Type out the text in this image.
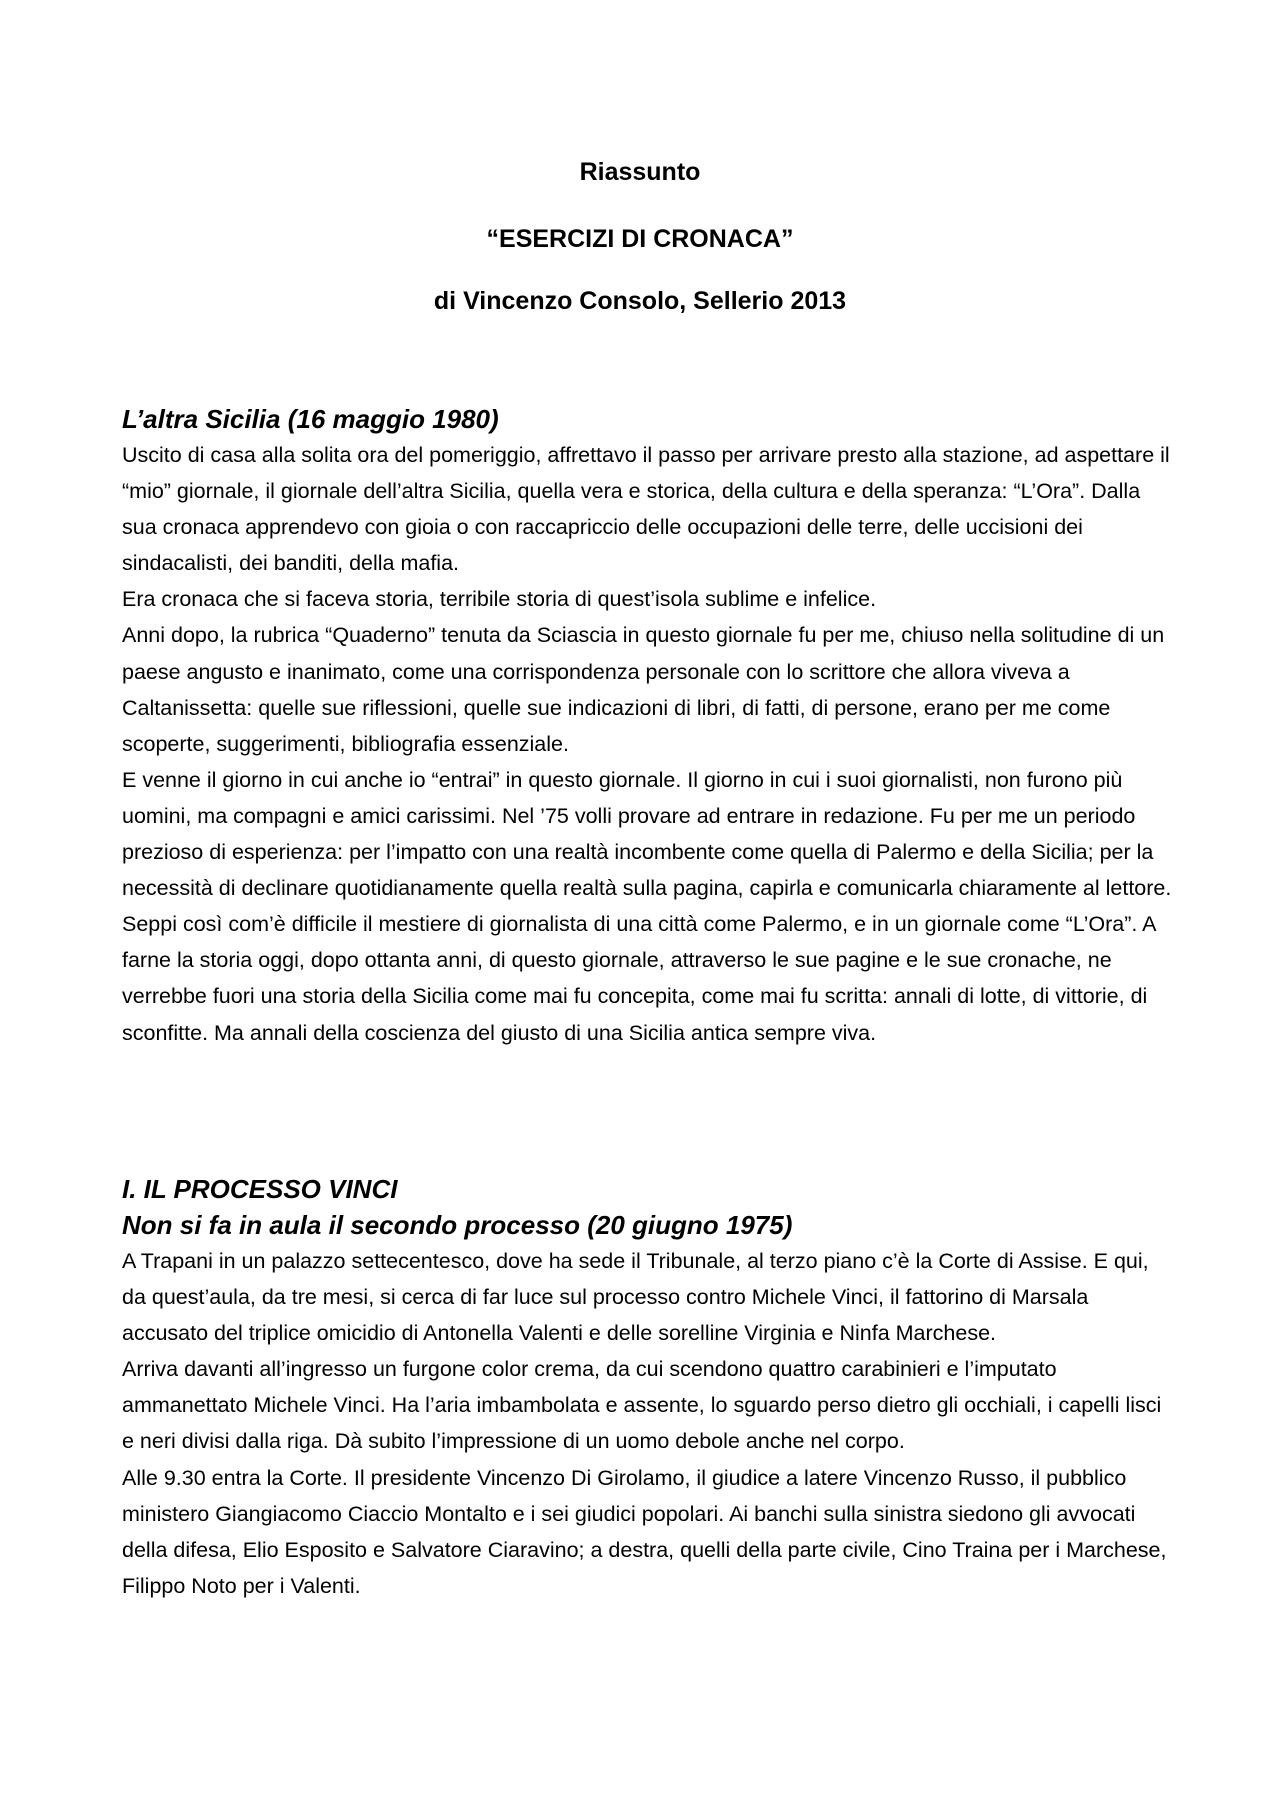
Riassunto
“ESERCIZI DI CRONACA”
di Vincenzo Consolo, Sellerio 2013
L’altra Sicilia (16 maggio 1980)

Uscito di casa alla solita ora del pomeriggio, affrettavo il passo per arrivare presto alla stazione, ad aspettare il “mio” giornale, il giornale dell’altra Sicilia, quella vera e storica, della cultura e della speranza: “L’Ora”. Dalla sua cronaca apprendevo con gioia o con raccapriccio delle occupazioni delle terre, delle uccisioni dei sindacalisti, dei banditi, della mafia.

Era cronaca che si faceva storia, terribile storia di quest’isola sublime e infelice.

Anni dopo, la rubrica “Quaderno” tenuta da Sciascia in questo giornale fu per me, chiuso nella solitudine di un paese angusto e inanimato, come una corrispondenza personale con lo scrittore che allora viveva a Caltanissetta: quelle sue riflessioni, quelle sue indicazioni di libri, di fatti, di persone, erano per me come scoperte, suggerimenti, bibliografia essenziale.

E venne il giorno in cui anche io “entrai” in questo giornale. Il giorno in cui i suoi giornalisti, non furono più uomini, ma compagni e amici carissimi. Nel ’75 volli provare ad entrare in redazione. Fu per me un periodo prezioso di esperienza: per l’impatto con una realtà incombente come quella di Palermo e della Sicilia; per la necessità di declinare quotidianamente quella realtà sulla pagina, capirla e comunicarla chiaramente al lettore.

Seppi così com’è difficile il mestiere di giornalista di una città come Palermo, e in un giornale come “L’Ora”. A farne la storia oggi, dopo ottanta anni, di questo giornale, attraverso le sue pagine e le sue cronache, ne verrebbe fuori una storia della Sicilia come mai fu concepita, come mai fu scritta: annali di lotte, di vittorie, di sconfitte. Ma annali della coscienza del giusto di una Sicilia antica sempre viva.

I. IL PROCESSO VINCI
Non si fa in aula il secondo processo (20 giugno 1975)

A Trapani in un palazzo settecentesco, dove ha sede il Tribunale, al terzo piano c’è la Corte di Assise. E qui, da quest’aula, da tre mesi, si cerca di far luce sul processo contro Michele Vinci, il fattorino di Marsala accusato del triplice omicidio di Antonella Valenti e delle sorelline Virginia e Ninfa Marchese.

Arriva davanti all’ingresso un furgone color crema, da cui scendono quattro carabinieri e l’imputato ammanettato Michele Vinci. Ha l’aria imbambolata e assente, lo sguardo perso dietro gli occhiali, i capelli lisci e neri divisi dalla riga. Dà subito l’impressione di un uomo debole anche nel corpo.

Alle 9.30 entra la Corte. Il presidente Vincenzo Di Girolamo, il giudice a latere Vincenzo Russo, il pubblico ministero Giangiacomo Ciaccio Montalto e i sei giudici popolari. Ai banchi sulla sinistra siedono gli avvocati della difesa, Elio Esposito e Salvatore Ciaravino; a destra, quelli della parte civile, Cino Traina per i Marchese, Filippo Noto per i Valenti.
